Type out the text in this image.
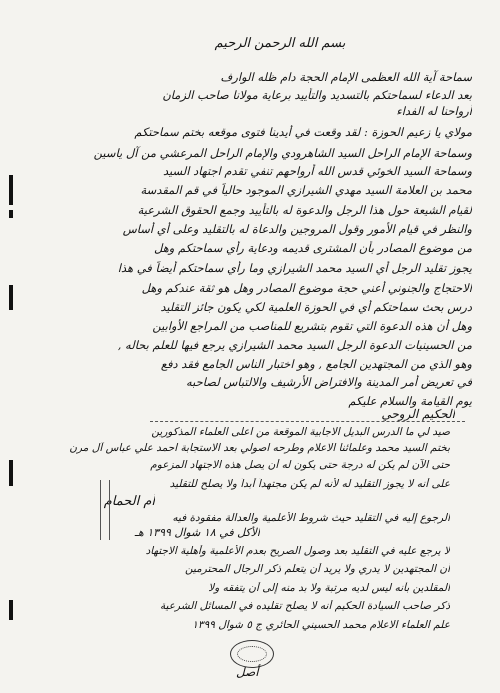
بسم الله الرحمن الرحيم
سماحة آية الله العظمى الإمام الحجة دام ظله الوارف
بعد الدعاء لسماحتكم بالتسديد والتأييد برعاية مولانا صاحب الزمان
أرواحنا له الفداء
مولاي يا زعيم الحوزة : لقد وقعت في أيدينا فتوى موقعه بختم سماحتكم
وسماحة الإمام الراحل السيد الشاهرودي والإمام الراحل المرعشي من آل ياسين
وسماحة السيد الخوئي قدس الله أرواحهم تنفي تقدم اجتهاد السيد
محمد بن العلامة السيد مهدي الشيرازي الموجود حالياً في قم المقدسة
لقيام الشيعة حول هذا الرجل والدعوة له بالتأييد وجمع الحقوق الشرعية
والنظر في قيام الأمور وقول المروجين والدعاة له بالتقليد وعلى أي أساس
من موضوع المصادر بأن المشترى قديمه ودعاية رأي سماحتكم وهل
يجوز تقليد الرجل أي السيد محمد الشيرازي وما رأي سماحتكم أيضاً في هذا
الاحتجاج والجنوني أعني حجة موضوع المصادر وهل هو ثقة عندكم وهل
درس بحث سماحتكم أي في الحوزة العلمية لكي يكون جائز التقليد
وهل أن هذه الدعوة التي تقوم بتشريع للمناصب من المراجع الأوابين
من الحسينيات الدعوة الرجل السيد محمد الشيرازي يرجع فيها للعلم بحاله ,
وهو الذي من المجتهدين الجامع , وهو اختبار الناس الجامع فقد دفع
في تعريض أمر المدينة والافتراض الأرشيف والالتباس لصاحبه
يوم القيامة والسلام عليكم
الحكيم الروحي
صيد لي ما الدرس البديل الاجابية الموقعة من اعلى العلماء المذكورين
بختم السيد محمد وعلمائنا الاعلام وطرحه اصولي بعد الاستجابة احمد علي عباس آل مرن
حتى الآن لم يكن له درجة حتى يكون له أن يصل هذه الاجتهاد المزعوم
على أنه لا يجوز التقليد له لأنه لم يكن مجتهداً أبداً ولا يصلح للتقليد
أم الحمام
الرجوع إليه في التقليد حيث شروط الأعلمية والعدالة مفقودة فيه
الأكل في ١٨ شوال ١٣٩٩ هـ
لا يرجع عليه في التقليد بعد وصول الصريح بعدم الأعلمية وأهلية الاجتهاد
أن المجتهدين لا يدري ولا يريد أن يتعلم ذكر الرجال المحترمين
المقلدين بأنه ليس لديه مرتبة ولا بد منه إلى أن يتفقه ولا
ذكر صاحب السيادة الحكيم أنه لا يصلح تقليده في المسائل الشرعية
علم العلماء الاعلام محمد الحسيني الحائري ج ٥ شوال ١٣٩٩
أصل
